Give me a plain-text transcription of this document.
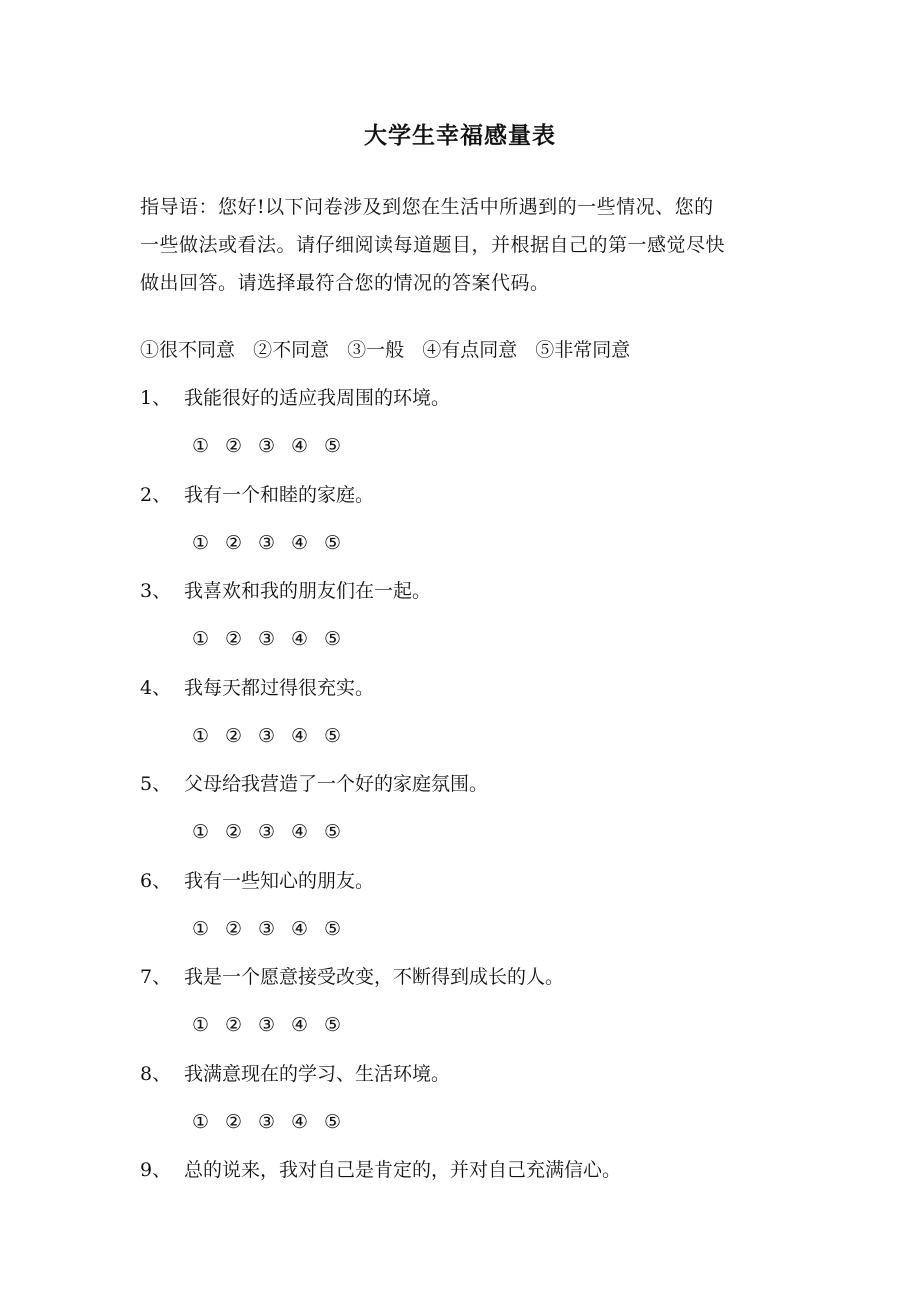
大学生幸福感量表
指导语：您好!以下问卷涉及到您在生活中所遇到的一些情况、您的
一些做法或看法。请仔细阅读每道题目，并根据自己的第一感觉尽快
做出回答。请选择最符合您的情况的答案代码。
①很不同意 ②不同意 ③一般 ④有点同意 ⑤非常同意
1、 我能很好的适应我周围的环境。
① ② ③ ④ ⑤
2、 我有一个和睦的家庭。
① ② ③ ④ ⑤
3、 我喜欢和我的朋友们在一起。
① ② ③ ④ ⑤
4、 我每天都过得很充实。
① ② ③ ④ ⑤
5、 父母给我营造了一个好的家庭氛围。
① ② ③ ④ ⑤
6、 我有一些知心的朋友。
① ② ③ ④ ⑤
7、 我是一个愿意接受改变，不断得到成长的人。
① ② ③ ④ ⑤
8、 我满意现在的学习、生活环境。
① ② ③ ④ ⑤
9、 总的说来，我对自己是肯定的，并对自己充满信心。
